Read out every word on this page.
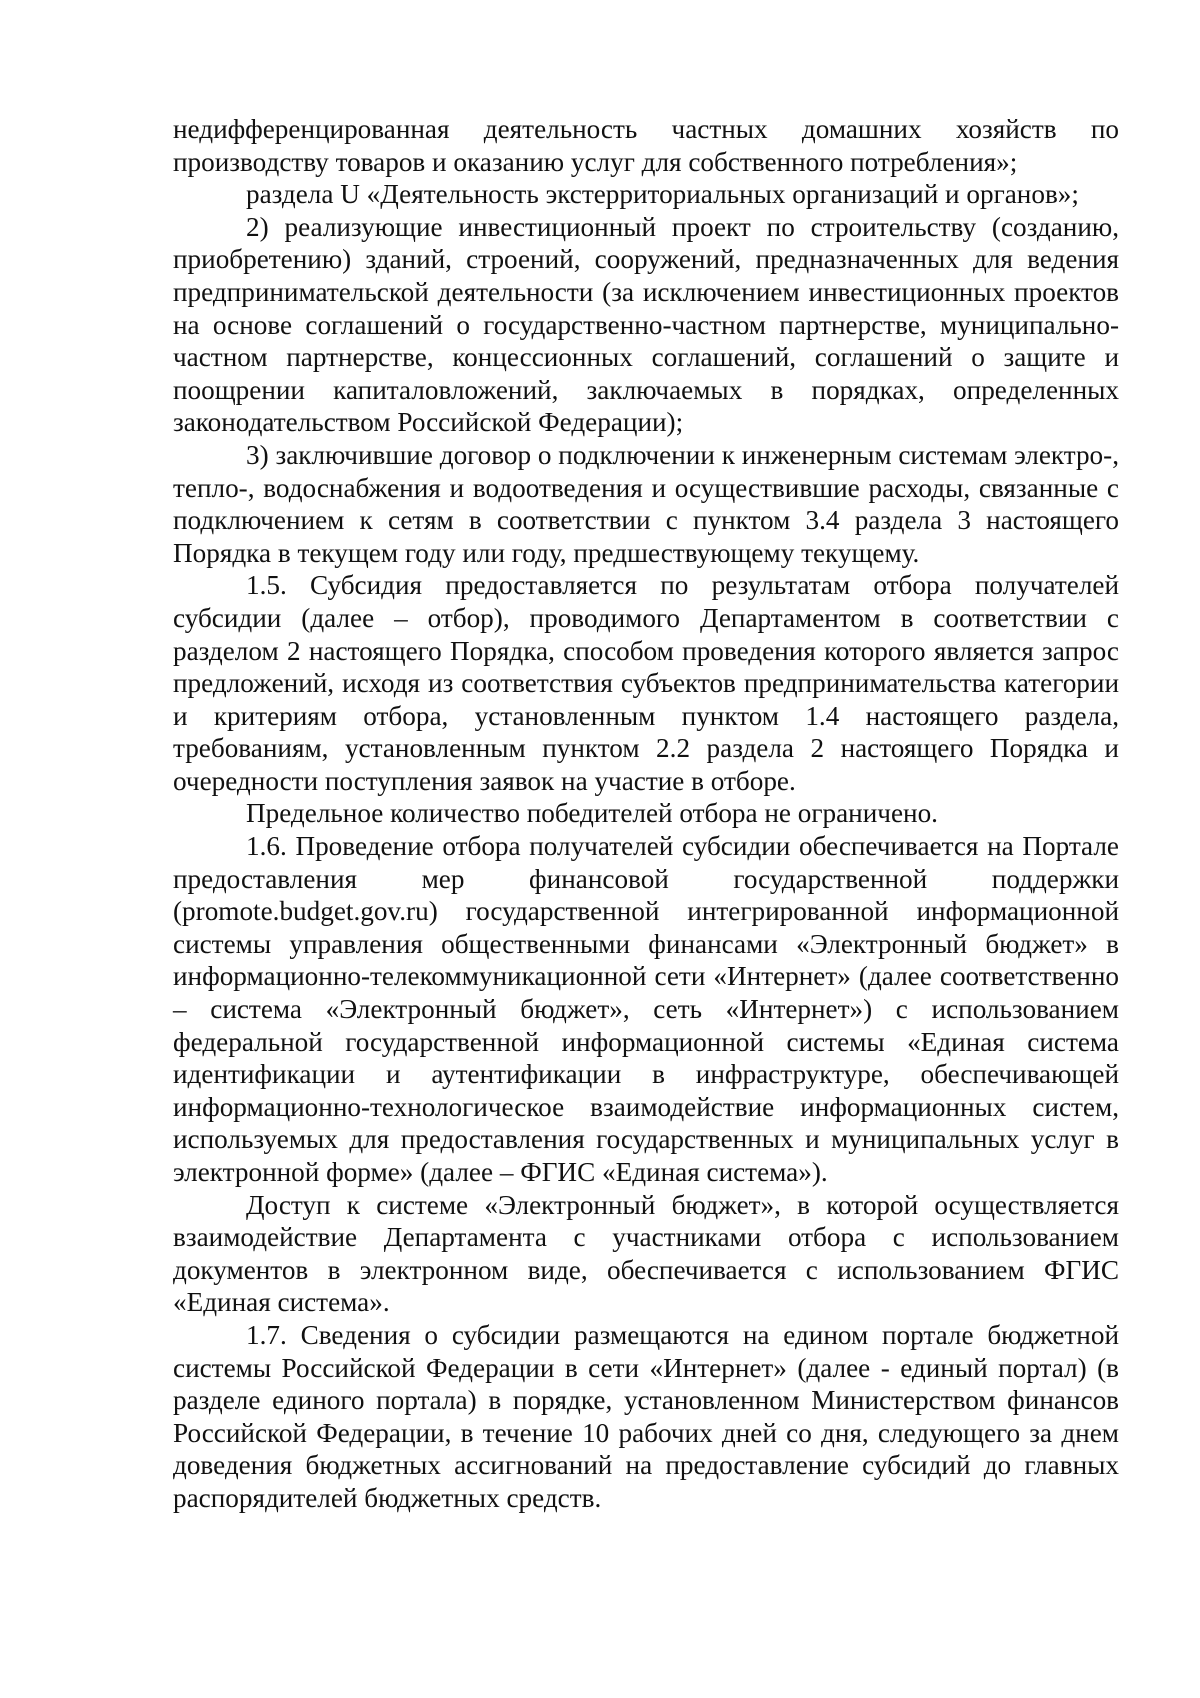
недифференцированная деятельность частных домашних хозяйств по производству товаров и оказанию услуг для собственного потребления»;

раздела U «Деятельность экстерриториальных организаций и органов»;

2) реализующие инвестиционный проект по строительству (созданию, приобретению) зданий, строений, сооружений, предназначенных для ведения предпринимательской деятельности (за исключением инвестиционных проектов на основе соглашений о государственно-частном партнерстве, муниципально-частном партнерстве, концессионных соглашений, соглашений о защите и поощрении капиталовложений, заключаемых в порядках, определенных законодательством Российской Федерации);

3) заключившие договор о подключении к инженерным системам электро-, тепло-, водоснабжения и водоотведения и осуществившие расходы, связанные с подключением к сетям в соответствии с пунктом 3.4 раздела 3 настоящего Порядка в текущем году или году, предшествующему текущему.

1.5. Субсидия предоставляется по результатам отбора получателей субсидии (далее – отбор), проводимого Департаментом в соответствии с разделом 2 настоящего Порядка, способом проведения которого является запрос предложений, исходя из соответствия субъектов предпринимательства категории и критериям отбора, установленным пунктом 1.4 настоящего раздела, требованиям, установленным пунктом 2.2 раздела 2 настоящего Порядка и очередности поступления заявок на участие в отборе.

Предельное количество победителей отбора не ограничено.

1.6. Проведение отбора получателей субсидии обеспечивается на Портале предоставления мер финансовой государственной поддержки (promote.budget.gov.ru) государственной интегрированной информационной системы управления общественными финансами «Электронный бюджет» в информационно-телекоммуникационной сети «Интернет» (далее соответственно – система «Электронный бюджет», сеть «Интернет») с использованием федеральной государственной информационной системы «Единая система идентификации и аутентификации в инфраструктуре, обеспечивающей информационно-технологическое взаимодействие информационных систем, используемых для предоставления государственных и муниципальных услуг в электронной форме» (далее – ФГИС «Единая система»).

Доступ к системе «Электронный бюджет», в которой осуществляется взаимодействие Департамента с участниками отбора с использованием документов в электронном виде, обеспечивается с использованием ФГИС «Единая система».

1.7. Сведения о субсидии размещаются на едином портале бюджетной системы Российской Федерации в сети «Интернет» (далее - единый портал) (в разделе единого портала) в порядке, установленном Министерством финансов Российской Федерации, в течение 10 рабочих дней со дня, следующего за днем доведения бюджетных ассигнований на предоставление субсидий до главных распорядителей бюджетных средств.
